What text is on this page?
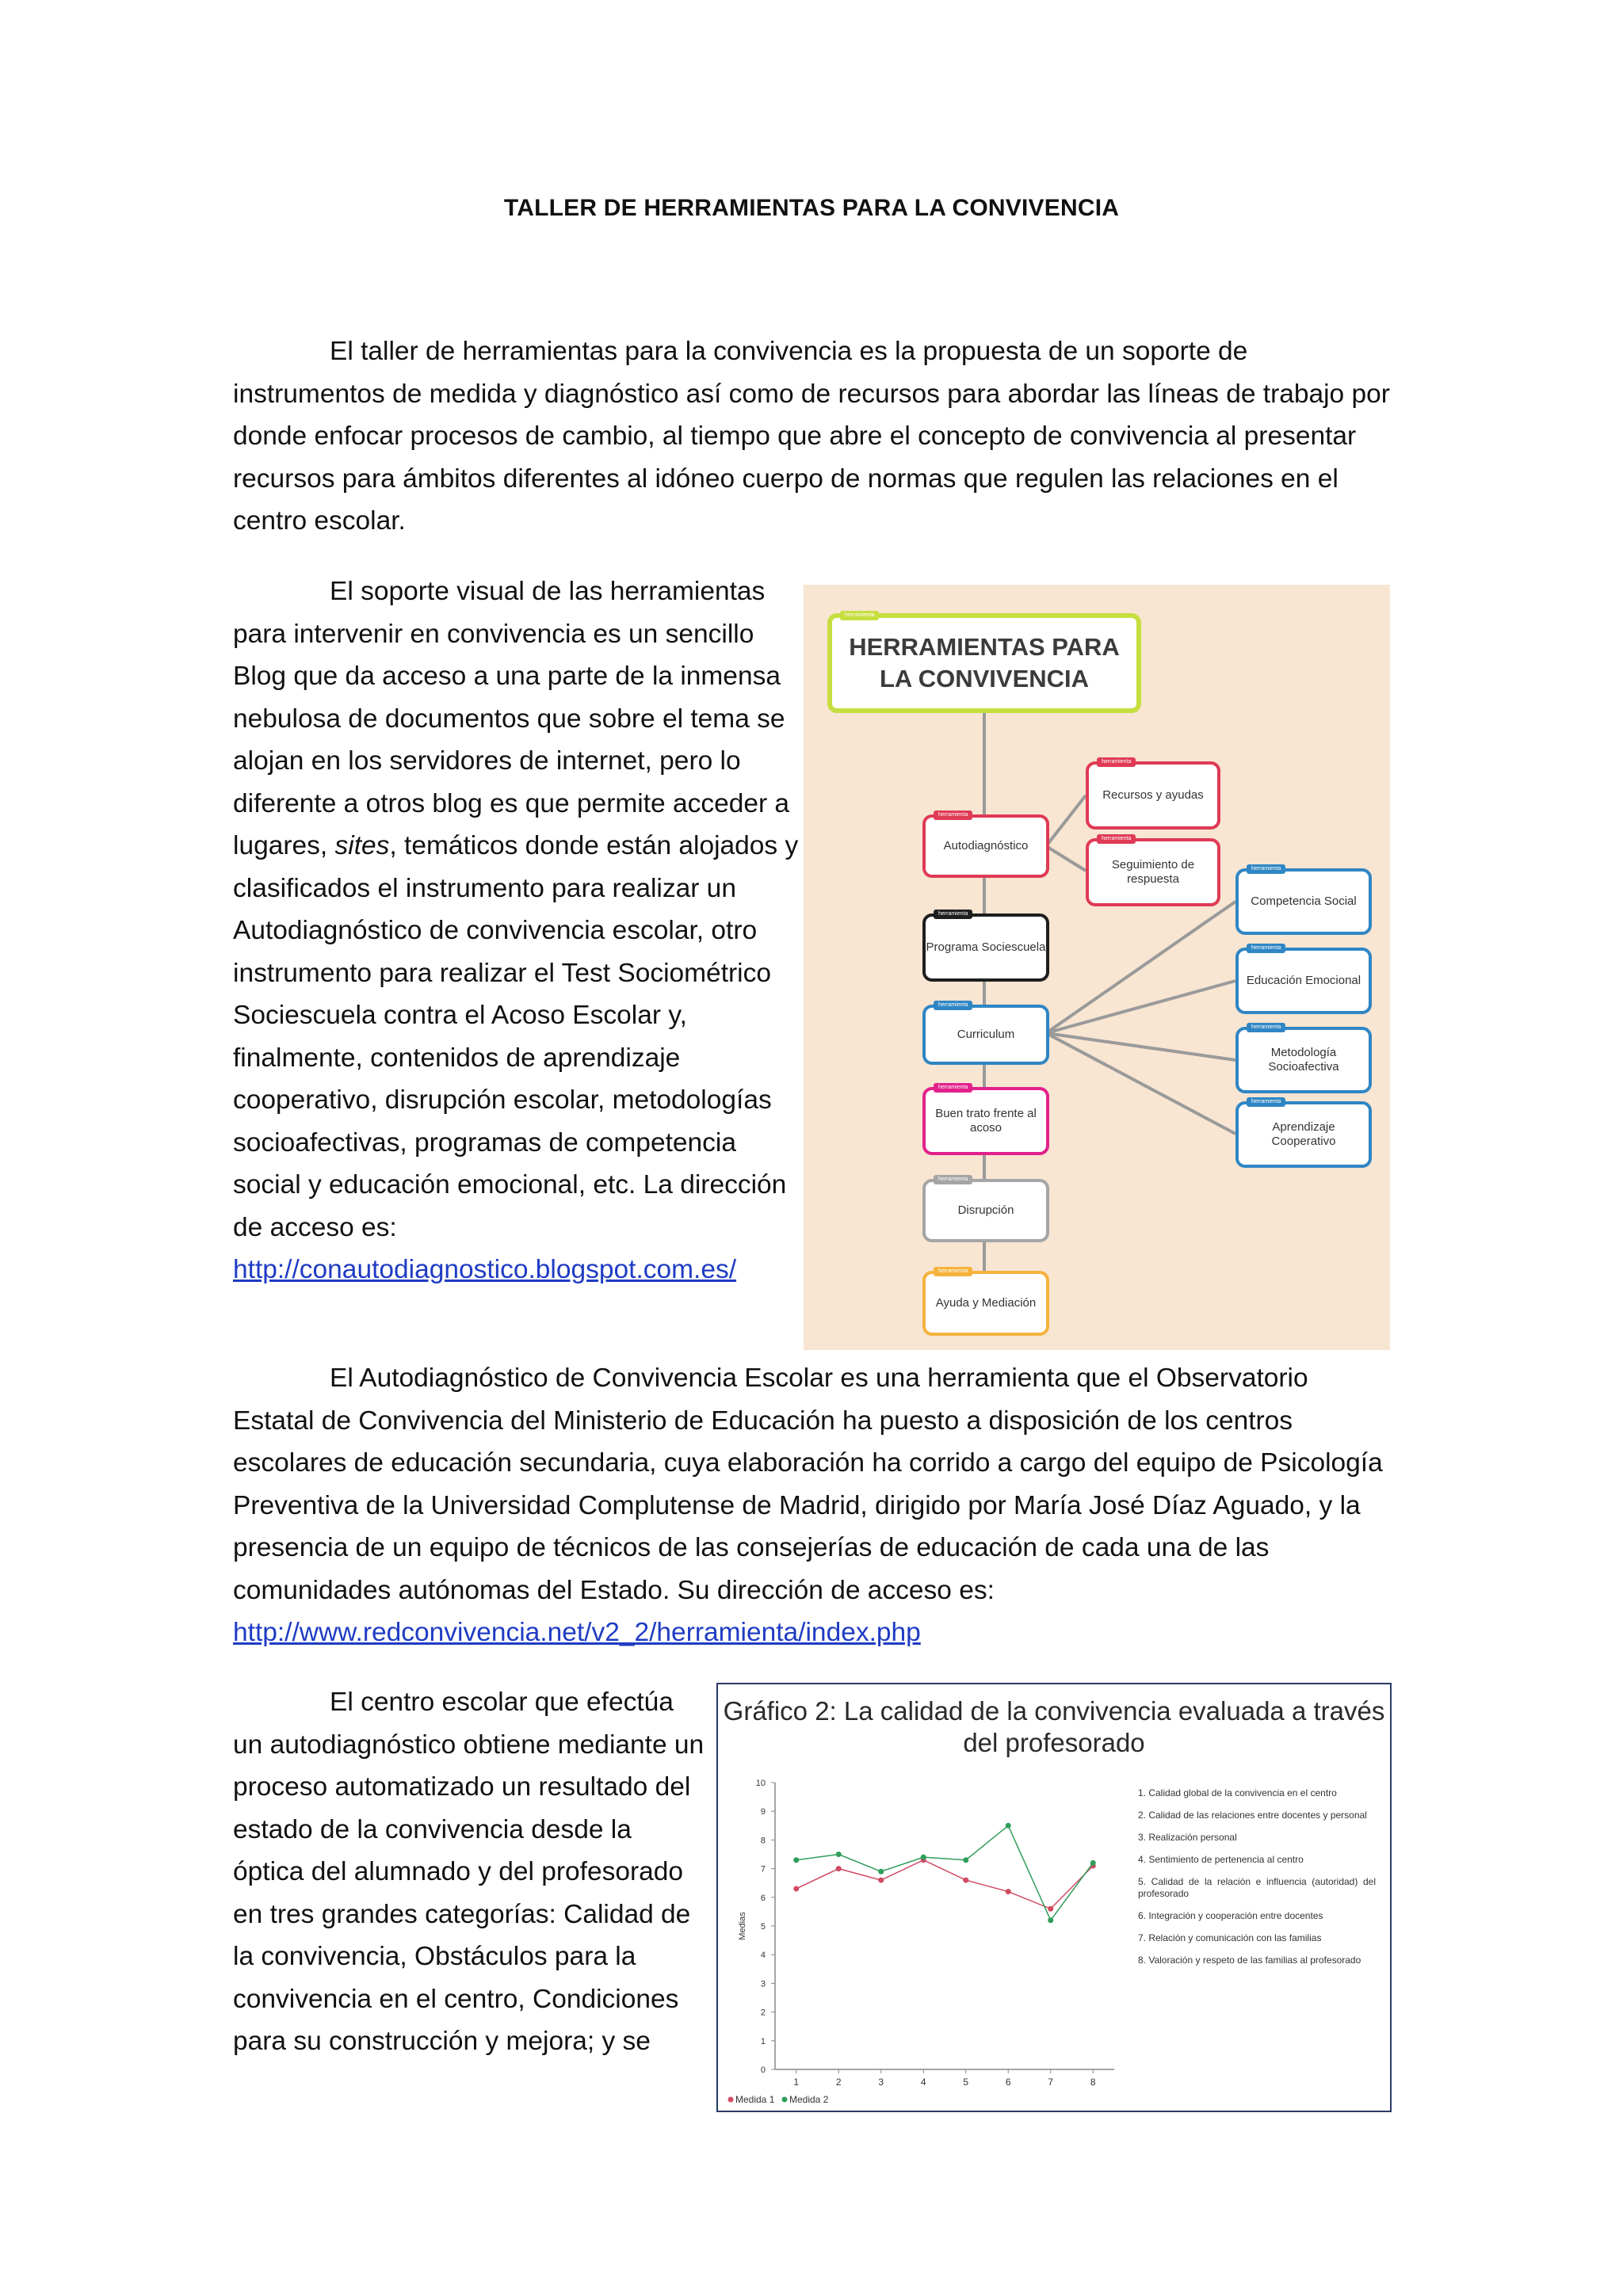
TALLER DE HERRAMIENTAS PARA LA CONVIVENCIA

El taller de herramientas para la convivencia es la propuesta de un soporte de instrumentos de medida y diagnóstico así como de recursos para abordar las líneas de trabajo por donde enfocar procesos de cambio, al tiempo que abre el concepto de convivencia al presentar recursos para ámbitos diferentes al idóneo cuerpo de normas que regulen las relaciones en el centro escolar.

El soporte visual de las herramientas para intervenir en convivencia es un sencillo Blog que da acceso a una parte de la inmensa nebulosa de documentos que sobre el tema se alojan en los servidores de internet, pero lo diferente a otros blog es que permite acceder a lugares, sites, temáticos donde están alojados y clasificados el instrumento para realizar un Autodiagnóstico de convivencia escolar, otro instrumento para realizar el Test Sociométrico Sociescuela contra el Acoso Escolar y, finalmente, contenidos de aprendizaje cooperativo, disrupción escolar, metodologías socioafectivas, programas de competencia social y educación emocional, etc. La dirección de acceso es:
http://conautodiagnostico.blogspot.com.es/

herramienta
HERRAMIENTAS PARA LA CONVIVENCIA
herramienta
Autodiagnóstico
herramienta
Recursos y ayudas
herramienta
Seguimiento de respuesta
herramienta
Programa Sociescuela
herramienta
Curriculum
herramienta
Buen trato frente al acoso
herramienta
Disrupción
herramienta
Ayuda y Mediación
herramienta
Competencia Social
herramienta
Educación Emocional
herramienta
Metodología Socioafectiva
herramienta
Aprendizaje Cooperativo

El Autodiagnóstico de Convivencia Escolar es una herramienta que el Observatorio Estatal de Convivencia del Ministerio de Educación ha puesto a disposición de los centros escolares de educación secundaria, cuya elaboración ha corrido a cargo del equipo de Psicología Preventiva de la Universidad Complutense de Madrid, dirigido por María José Díaz Aguado, y la presencia de un equipo de técnicos de las consejerías de educación de cada una de las comunidades autónomas del Estado. Su dirección de acceso es:
http://www.redconvivencia.net/v2_2/herramienta/index.php

El centro escolar que efectúa un autodiagnóstico obtiene mediante un proceso automatizado un resultado del estado de la convivencia desde la óptica del alumnado y del profesorado en tres grandes categorías: Calidad de la convivencia, Obstáculos para la convivencia en el centro, Condiciones para su construcción y mejora; y se

Gráfico 2: La calidad de la convivencia evaluada a través del profesorado
0
1
2
3
4
5
6
7
8
9
10
1	2	3	4	5	6	7	8
Medias
Medida 1 Medida 2
1. Calidad global de la convivencia en el centro
2. Calidad de las relaciones entre docentes y personal
3. Realización personal
4. Sentimiento de pertenencia al centro
5. Calidad de la relación e influencia (autoridad) del profesorado
6. Integración y cooperación entre docentes
7. Relación y comunicación con las familias
8. Valoración y respeto de las familias al profesorado
